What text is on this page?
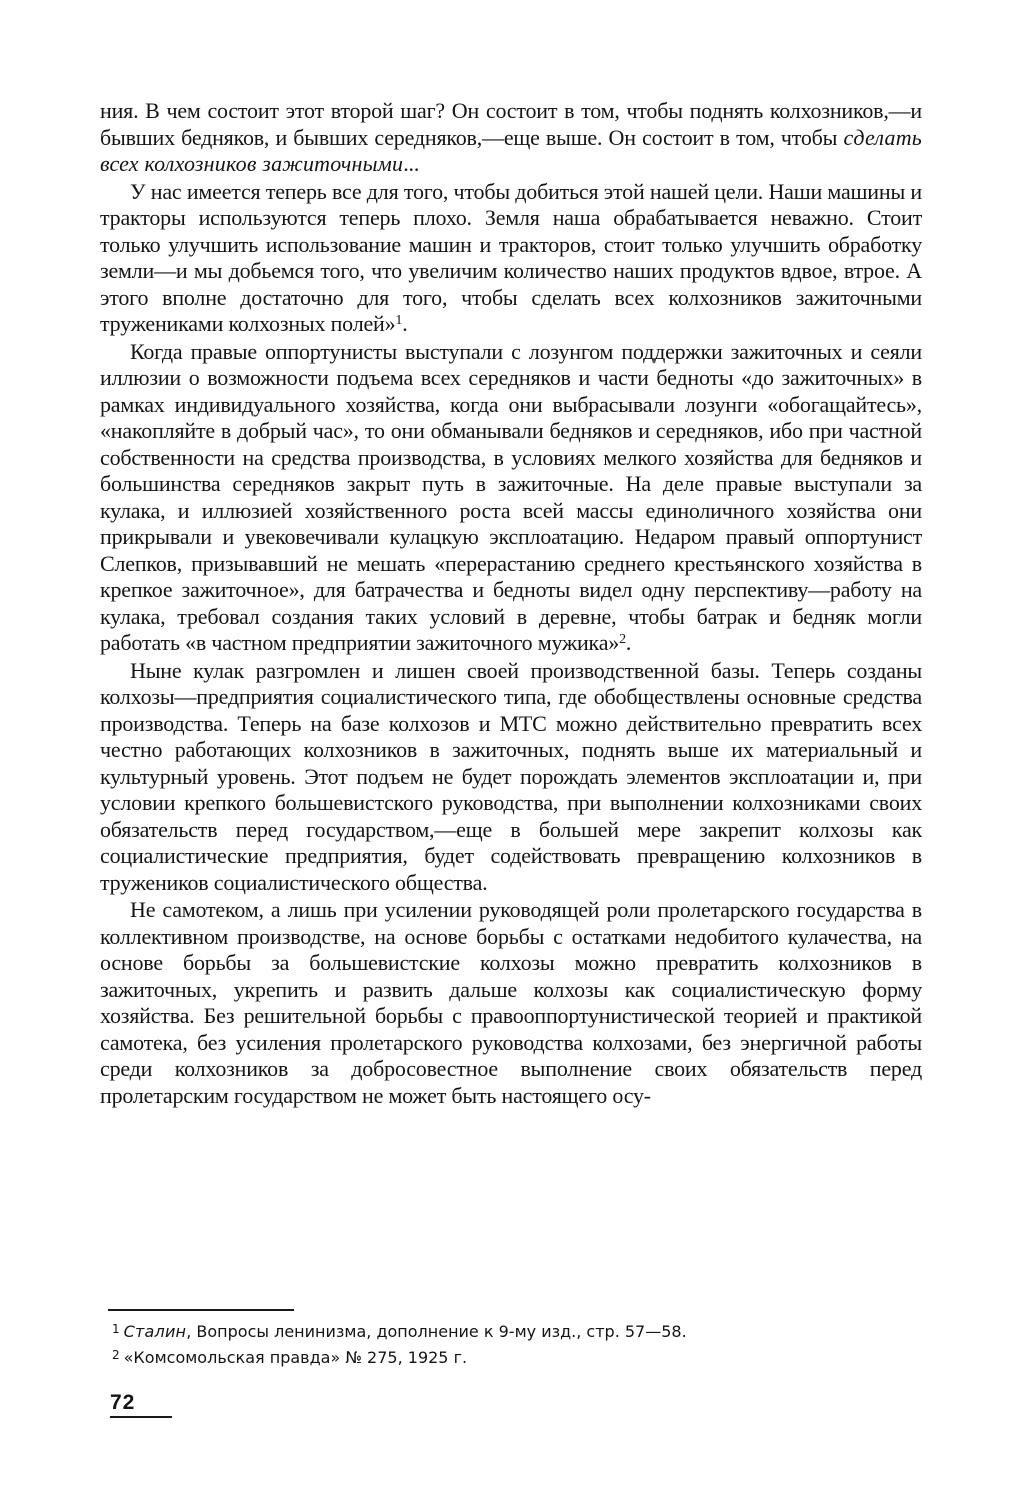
ния. В чем состоит этот второй шаг? Он состоит в том, чтобы поднять колхозников,—и бывших бедняков, и бывших середняков,—еще выше. Он состоит в том, чтобы сделать всех колхозников зажиточными...

У нас имеется теперь все для того, чтобы добиться этой нашей цели. Наши машины и тракторы используются теперь плохо. Земля наша обрабатывается неважно. Стоит только улучшить использование машин и тракторов, стоит только улучшить обработку земли—и мы добьемся того, что увеличим количество наших продуктов вдвое, втрое. А этого вполне достаточно для того, чтобы сделать всех колхозников зажиточными тружениками колхозных полей»$^1$.

Когда правые оппортунисты выступали с лозунгом поддержки зажиточных и сеяли иллюзии о возможности подъема всех середняков и части бедноты «до зажиточных» в рамках индивидуального хозяйства, когда они выбрасывали лозунги «обогащайтесь», «накопляйте в добрый час», то они обманывали бедняков и середняков, ибо при частной собственности на средства производства, в условиях мелкого хозяйства для бедняков и большинства середняков закрыт путь в зажиточные. На деле правые выступали за кулака, и иллюзией хозяйственного роста всей массы единоличного хозяйства они прикрывали и увековечивали кулацкую эксплоатацию. Недаром правый оппортунист Слепков, призывавший не мешать «перерастанию среднего крестьянского хозяйства в крепкое зажиточное», для батрачества и бедноты видел одну перспективу—работу на кулака, требовал создания таких условий в деревне, чтобы батрак и бедняк могли работать «в частном предприятии зажиточного мужика»$^2$.

Ныне кулак разгромлен и лишен своей производственной базы. Теперь созданы колхозы—предприятия социалистического типа, где обобществлены основные средства производства. Теперь на базе колхозов и МТС можно действительно превратить всех честно работающих колхозников в зажиточных, поднять выше их материальный и культурный уровень. Этот подъем не будет порождать элементов эксплоатации и, при условии крепкого большевистского руководства, при выполнении колхозниками своих обязательств перед государством,—еще в большей мере закрепит колхозы как социалистические предприятия, будет содействовать превращению колхозников в тружеников социалистического общества.

Не самотеком, а лишь при усилении руководящей роли пролетарского государства в коллективном производстве, на основе борьбы с остатками недобитого кулачества, на основе борьбы за большевистские колхозы можно превратить колхозников в зажиточных, укрепить и развить дальше колхозы как социалистическую форму хозяйства. Без решительной борьбы с правооппортунистической теорией и практикой самотека, без усиления пролетарского руководства колхозами, без энергичной работы среди колхозников за добросовестное выполнение своих обязательств перед пролетарским государством не может быть настоящего осу-

$^1$ Сталин, Вопросы ленинизма, дополнение к 9-му изд., стр. 57—58.

$^2$ «Комсомольская правда» № 275, 1925 г.

72
